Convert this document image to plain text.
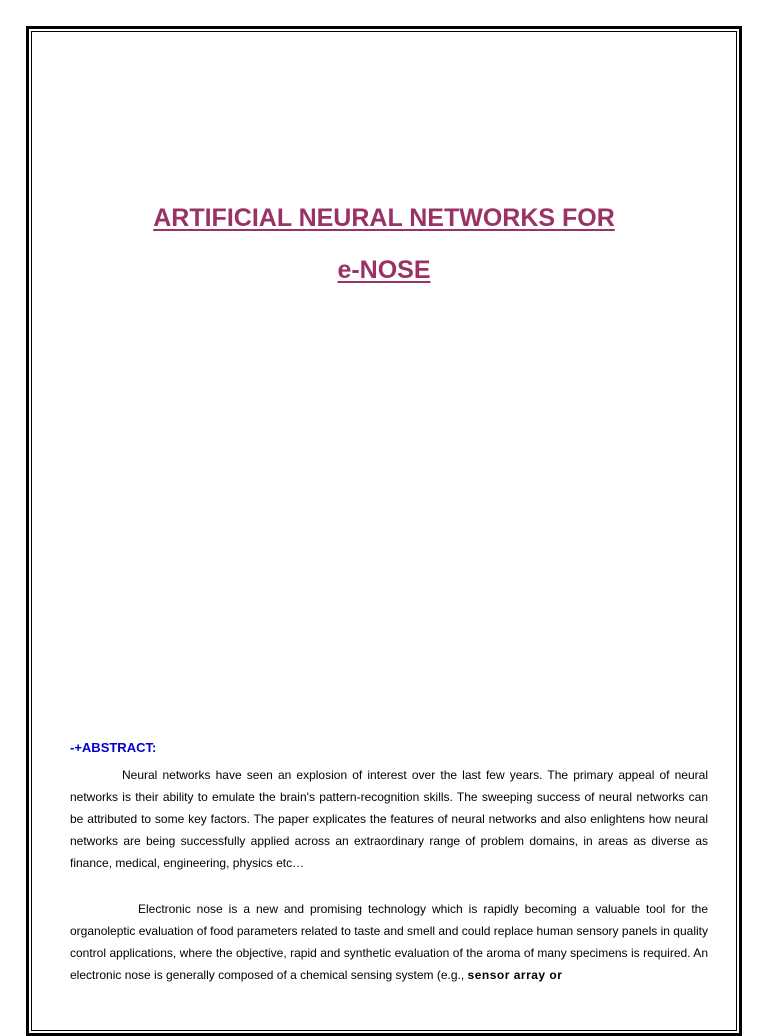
ARTIFICIAL NEURAL NETWORKS FOR
e-NOSE
-+ABSTRACT:

Neural networks have seen an explosion of interest over the last few years. The primary appeal of neural networks is their ability to emulate the brain's pattern-recognition skills. The sweeping success of neural networks can be attributed to some key factors. The paper explicates the features of neural networks and also enlightens how neural networks are being successfully applied across an extraordinary range of problem domains, in areas as diverse as finance, medical, engineering, physics etc…

Electronic nose is a new and promising technology which is rapidly becoming a valuable tool for the organoleptic evaluation of food parameters related to taste and smell and could replace human sensory panels in quality control applications, where the objective, rapid and synthetic evaluation of the aroma of many specimens is required. An electronic nose is generally composed of a chemical sensing system (e.g., sensor array or
